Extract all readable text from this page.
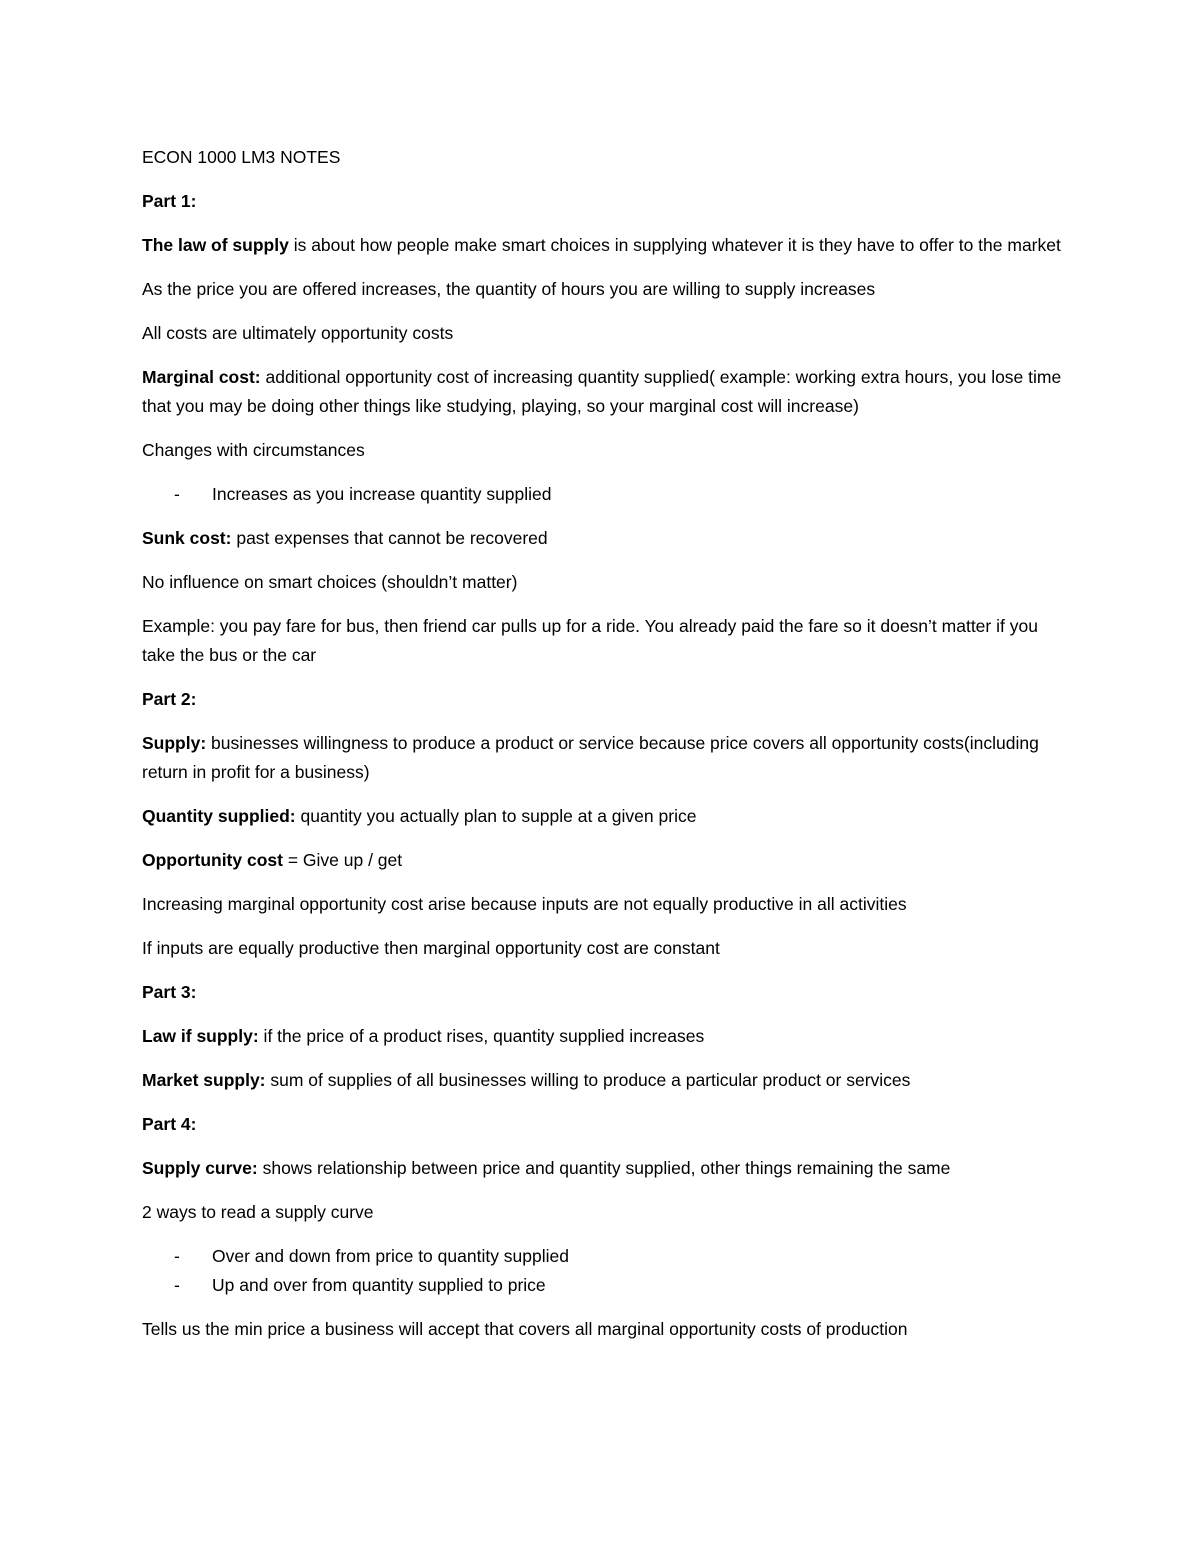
ECON 1000 LM3 NOTES

Part 1:

The law of supply is about how people make smart choices in supplying whatever it is they have to offer to the market

As the price you are offered increases, the quantity of hours you are willing to supply increases

All costs are ultimately opportunity costs

Marginal cost: additional opportunity cost of increasing quantity supplied( example: working extra hours, you lose time that you may be doing other things like studying, playing, so your marginal cost will increase)

Changes with circumstances

- Increases as you increase quantity supplied

Sunk cost: past expenses that cannot be recovered

No influence on smart choices (shouldn’t matter)

Example: you pay fare for bus, then friend car pulls up for a ride. You already paid the fare so it doesn’t matter if you take the bus or the car

Part 2:

Supply: businesses willingness to produce a product or service because price covers all opportunity costs(including return in profit for a business)

Quantity supplied: quantity you actually plan to supple at a given price

Opportunity cost = Give up / get

Increasing marginal opportunity cost arise because inputs are not equally productive in all activities

If inputs are equally productive then marginal opportunity cost are constant

Part 3:

Law if supply: if the price of a product rises, quantity supplied increases

Market supply: sum of supplies of all businesses willing to produce a particular product or services

Part 4:

Supply curve: shows relationship between price and quantity supplied, other things remaining the same

2 ways to read a supply curve

- Over and down from price to quantity supplied
- Up and over from quantity supplied to price

Tells us the min price a business will accept that covers all marginal opportunity costs of production
